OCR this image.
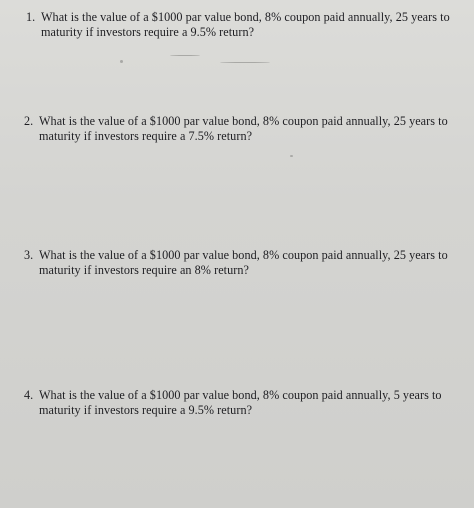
1. What is the value of a $1000 par value bond, 8% coupon paid annually, 25 years to
maturity if investors require a 9.5% return?
2. What is the value of a $1000 par value bond, 8% coupon paid annually, 25 years to
maturity if investors require a 7.5% return?
3. What is the value of a $1000 par value bond, 8% coupon paid annually, 25 years to
maturity if investors require an 8% return?
4. What is the value of a $1000 par value bond, 8% coupon paid annually, 5 years to
maturity if investors require a 9.5% return?
